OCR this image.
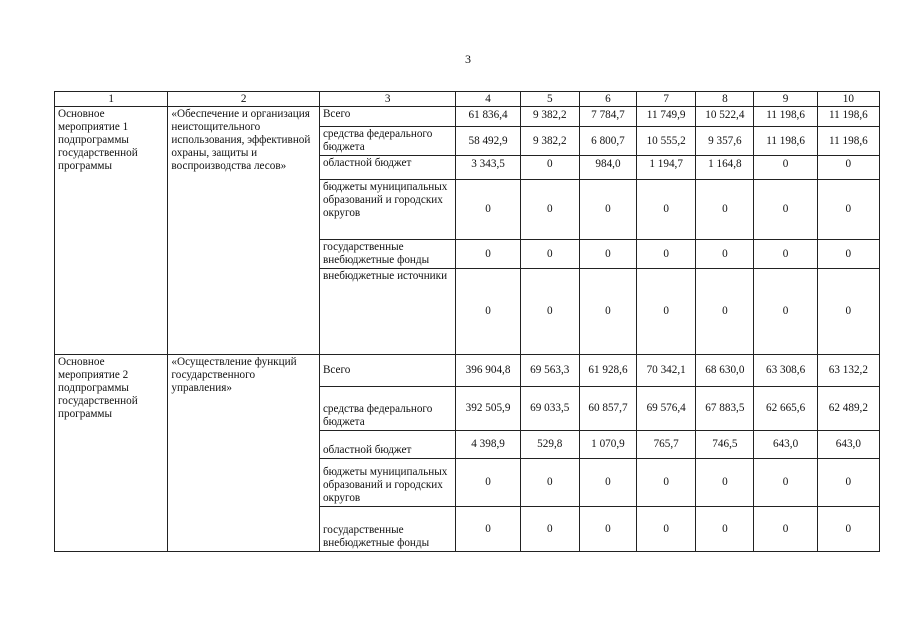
3
1	2	3	4	5	6	7	8	9	10
Основное мероприятие 1 подпрограммы государственной программы	«Обеспечение и организация неистощительного использования, эффективной охраны, защиты и воспроизводства лесов»	Всего	61 836,4	9 382,2	7 784,7	11 749,9	10 522,4	11 198,6	11 198,6
		средства федерального бюджета	58 492,9	9 382,2	6 800,7	10 555,2	9 357,6	11 198,6	11 198,6
		областной бюджет	3 343,5	0	984,0	1 194,7	1 164,8	0	0
		бюджеты муниципальных образований и городских округов	0	0	0	0	0	0	0
		государственные внебюджетные фонды	0	0	0	0	0	0	0
		внебюджетные источники	0	0	0	0	0	0	0
Основное мероприятие 2 подпрограммы государственной программы	«Осуществление функций государственного управления»	Всего	396 904,8	69 563,3	61 928,6	70 342,1	68 630,0	63 308,6	63 132,2
		средства федерального бюджета	392 505,9	69 033,5	60 857,7	69 576,4	67 883,5	62 665,6	62 489,2
		областной бюджет	4 398,9	529,8	1 070,9	765,7	746,5	643,0	643,0
		бюджеты муниципальных образований и городских округов	0	0	0	0	0	0	0
		государственные внебюджетные фонды	0	0	0	0	0	0	0
